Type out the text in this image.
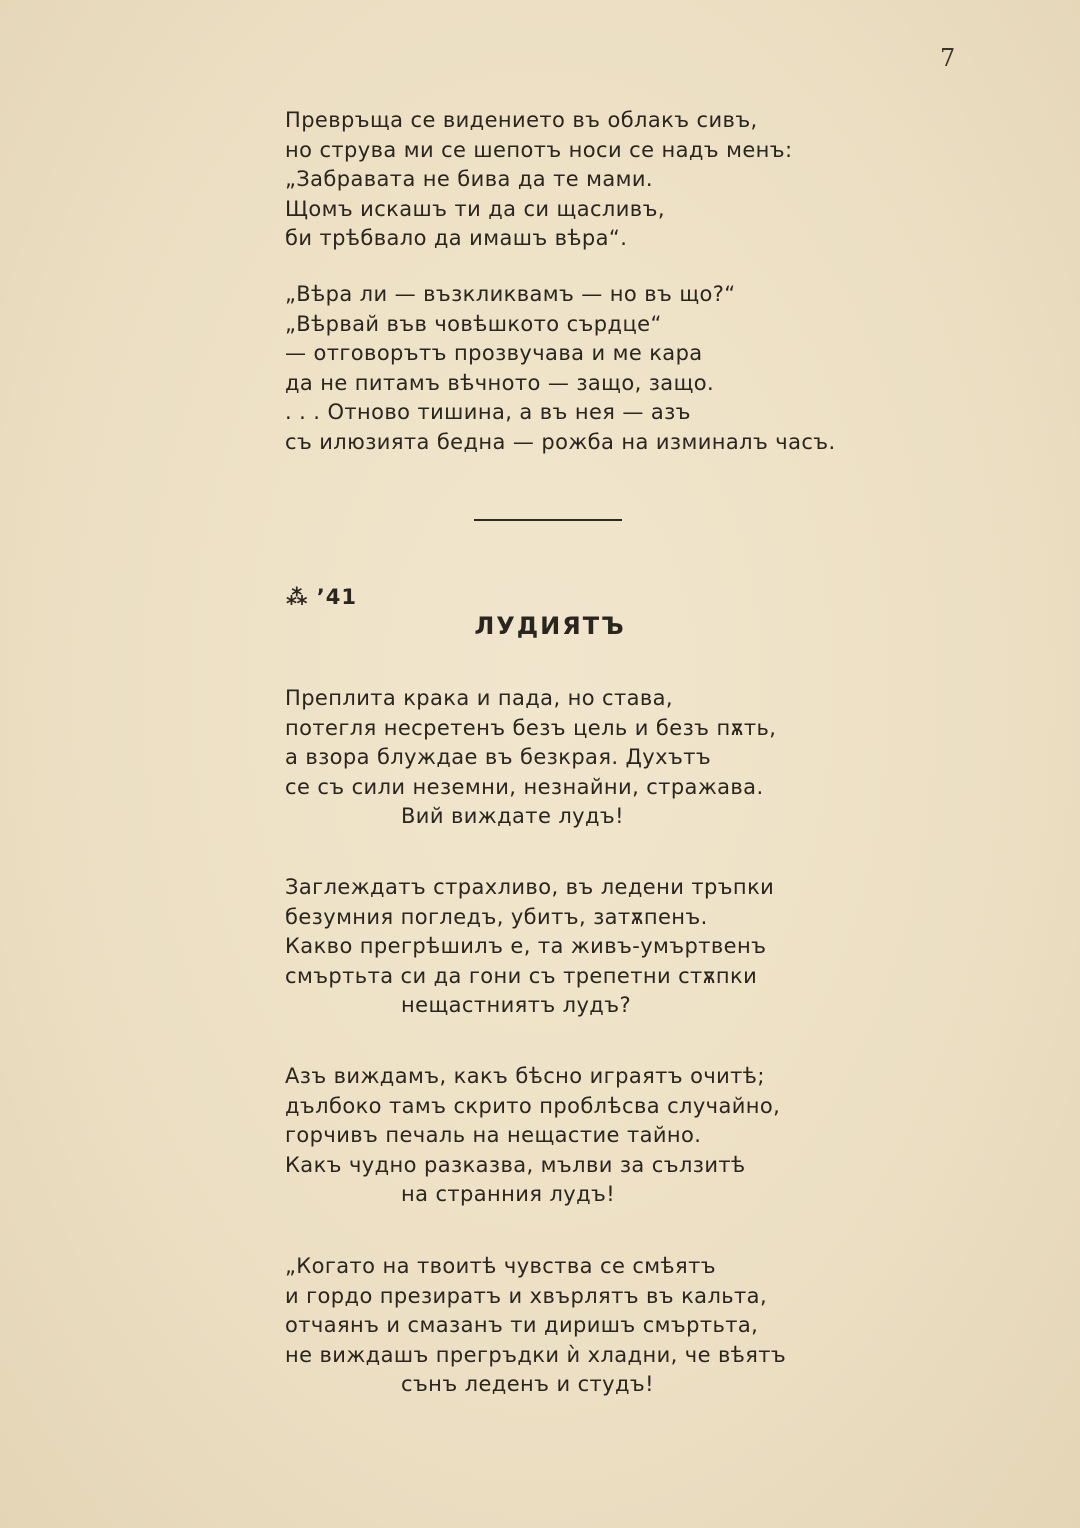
7
Превръща се видението въ облакъ сивъ,
но струва ми се шепотъ носи се надъ менъ:
„Забравата не бива да те мами.
Щомъ искашъ ти да си щасливъ,
би трѣбвало да имашъ вѣра“.
„Вѣра ли — възкликвамъ — но въ що?“
„Вѣрвай във човѣшкото сърдце“
— отговорътъ прозвучава и ме кара
да не питамъ вѣчното — защо, защо.
. . . Отново тишина, а въ нея — азъ
съ илюзията бедна — рожба на изминалъ часъ.
⁂ ’41
ЛУДИЯТЪ
Преплита крака и пада, но става,
потегля несретенъ безъ цель и безъ пѫть,
а взора блуждае въ безкрая. Духътъ
се съ сили неземни, незнайни, стражава.
Вий виждате лудъ!
Заглеждатъ страхливо, въ ледени тръпки
безумния погледъ, убитъ, затѫпенъ.
Какво прегрѣшилъ е, та живъ-умъртвенъ
смъртьта си да гони съ трепетни стѫпки
нещастниятъ лудъ?
Азъ виждамъ, какъ бѣсно играятъ очитѣ;
дълбоко тамъ скрито проблѣсва случайно,
горчивъ печаль на нещастие тайно.
Какъ чудно разказва, мълви за сълзитѣ
на странния лудъ!
„Когато на твоитѣ чувства се смѣятъ
и гордо презиратъ и хвърлятъ въ кальта,
отчаянъ и смазанъ ти диришъ смъртьта,
не виждашъ прегръдки ѝ хладни, че вѣятъ
сънъ леденъ и студъ!
